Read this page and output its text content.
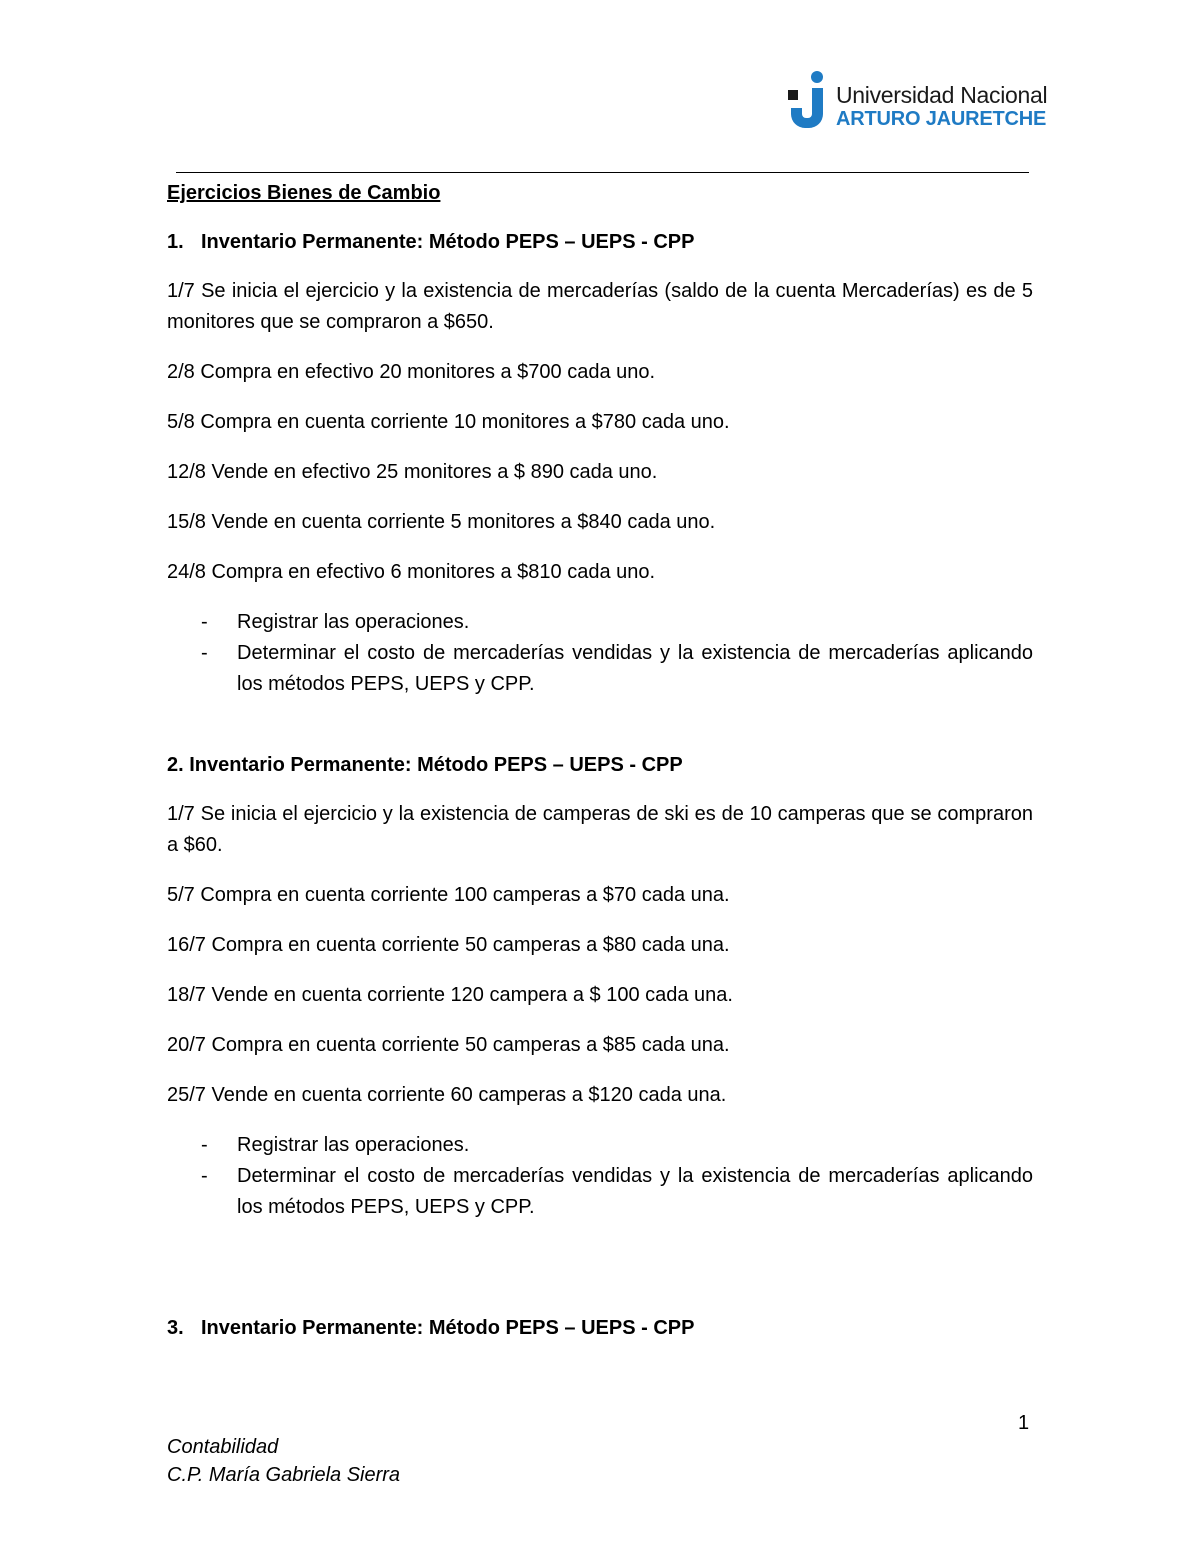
Universidad Nacional
ARTURO JAURETCHE
Ejercicios Bienes de Cambio
1. Inventario Permanente: Método PEPS – UEPS - CPP

1/7 Se inicia el ejercicio y la existencia de mercaderías (saldo de la cuenta Mercaderías) es de 5 monitores que se compraron a $650.

2/8 Compra en efectivo 20 monitores a $700 cada uno.

5/8 Compra en cuenta corriente 10 monitores a $780 cada uno.

12/8 Vende en efectivo 25 monitores a $ 890 cada uno.

15/8 Vende en cuenta corriente 5 monitores a $840 cada uno.

24/8 Compra en efectivo 6 monitores a $810 cada uno.

- Registrar las operaciones.
- Determinar el costo de mercaderías vendidas y la existencia de mercaderías aplicando los métodos PEPS, UEPS y CPP.
2. Inventario Permanente: Método PEPS – UEPS - CPP

1/7 Se inicia el ejercicio y la existencia de camperas de ski es de 10 camperas que se compraron a $60.

5/7 Compra en cuenta corriente 100 camperas a $70 cada una.

16/7 Compra en cuenta corriente 50 camperas a $80 cada una.

18/7 Vende en cuenta corriente 120 campera a $ 100 cada una.

20/7 Compra en cuenta corriente 50 camperas a $85 cada una.

25/7 Vende en cuenta corriente 60 camperas a $120 cada una.

- Registrar las operaciones.
- Determinar el costo de mercaderías vendidas y la existencia de mercaderías aplicando los métodos PEPS, UEPS y CPP.
3. Inventario Permanente: Método PEPS – UEPS - CPP
1
Contabilidad
C.P. María Gabriela Sierra
